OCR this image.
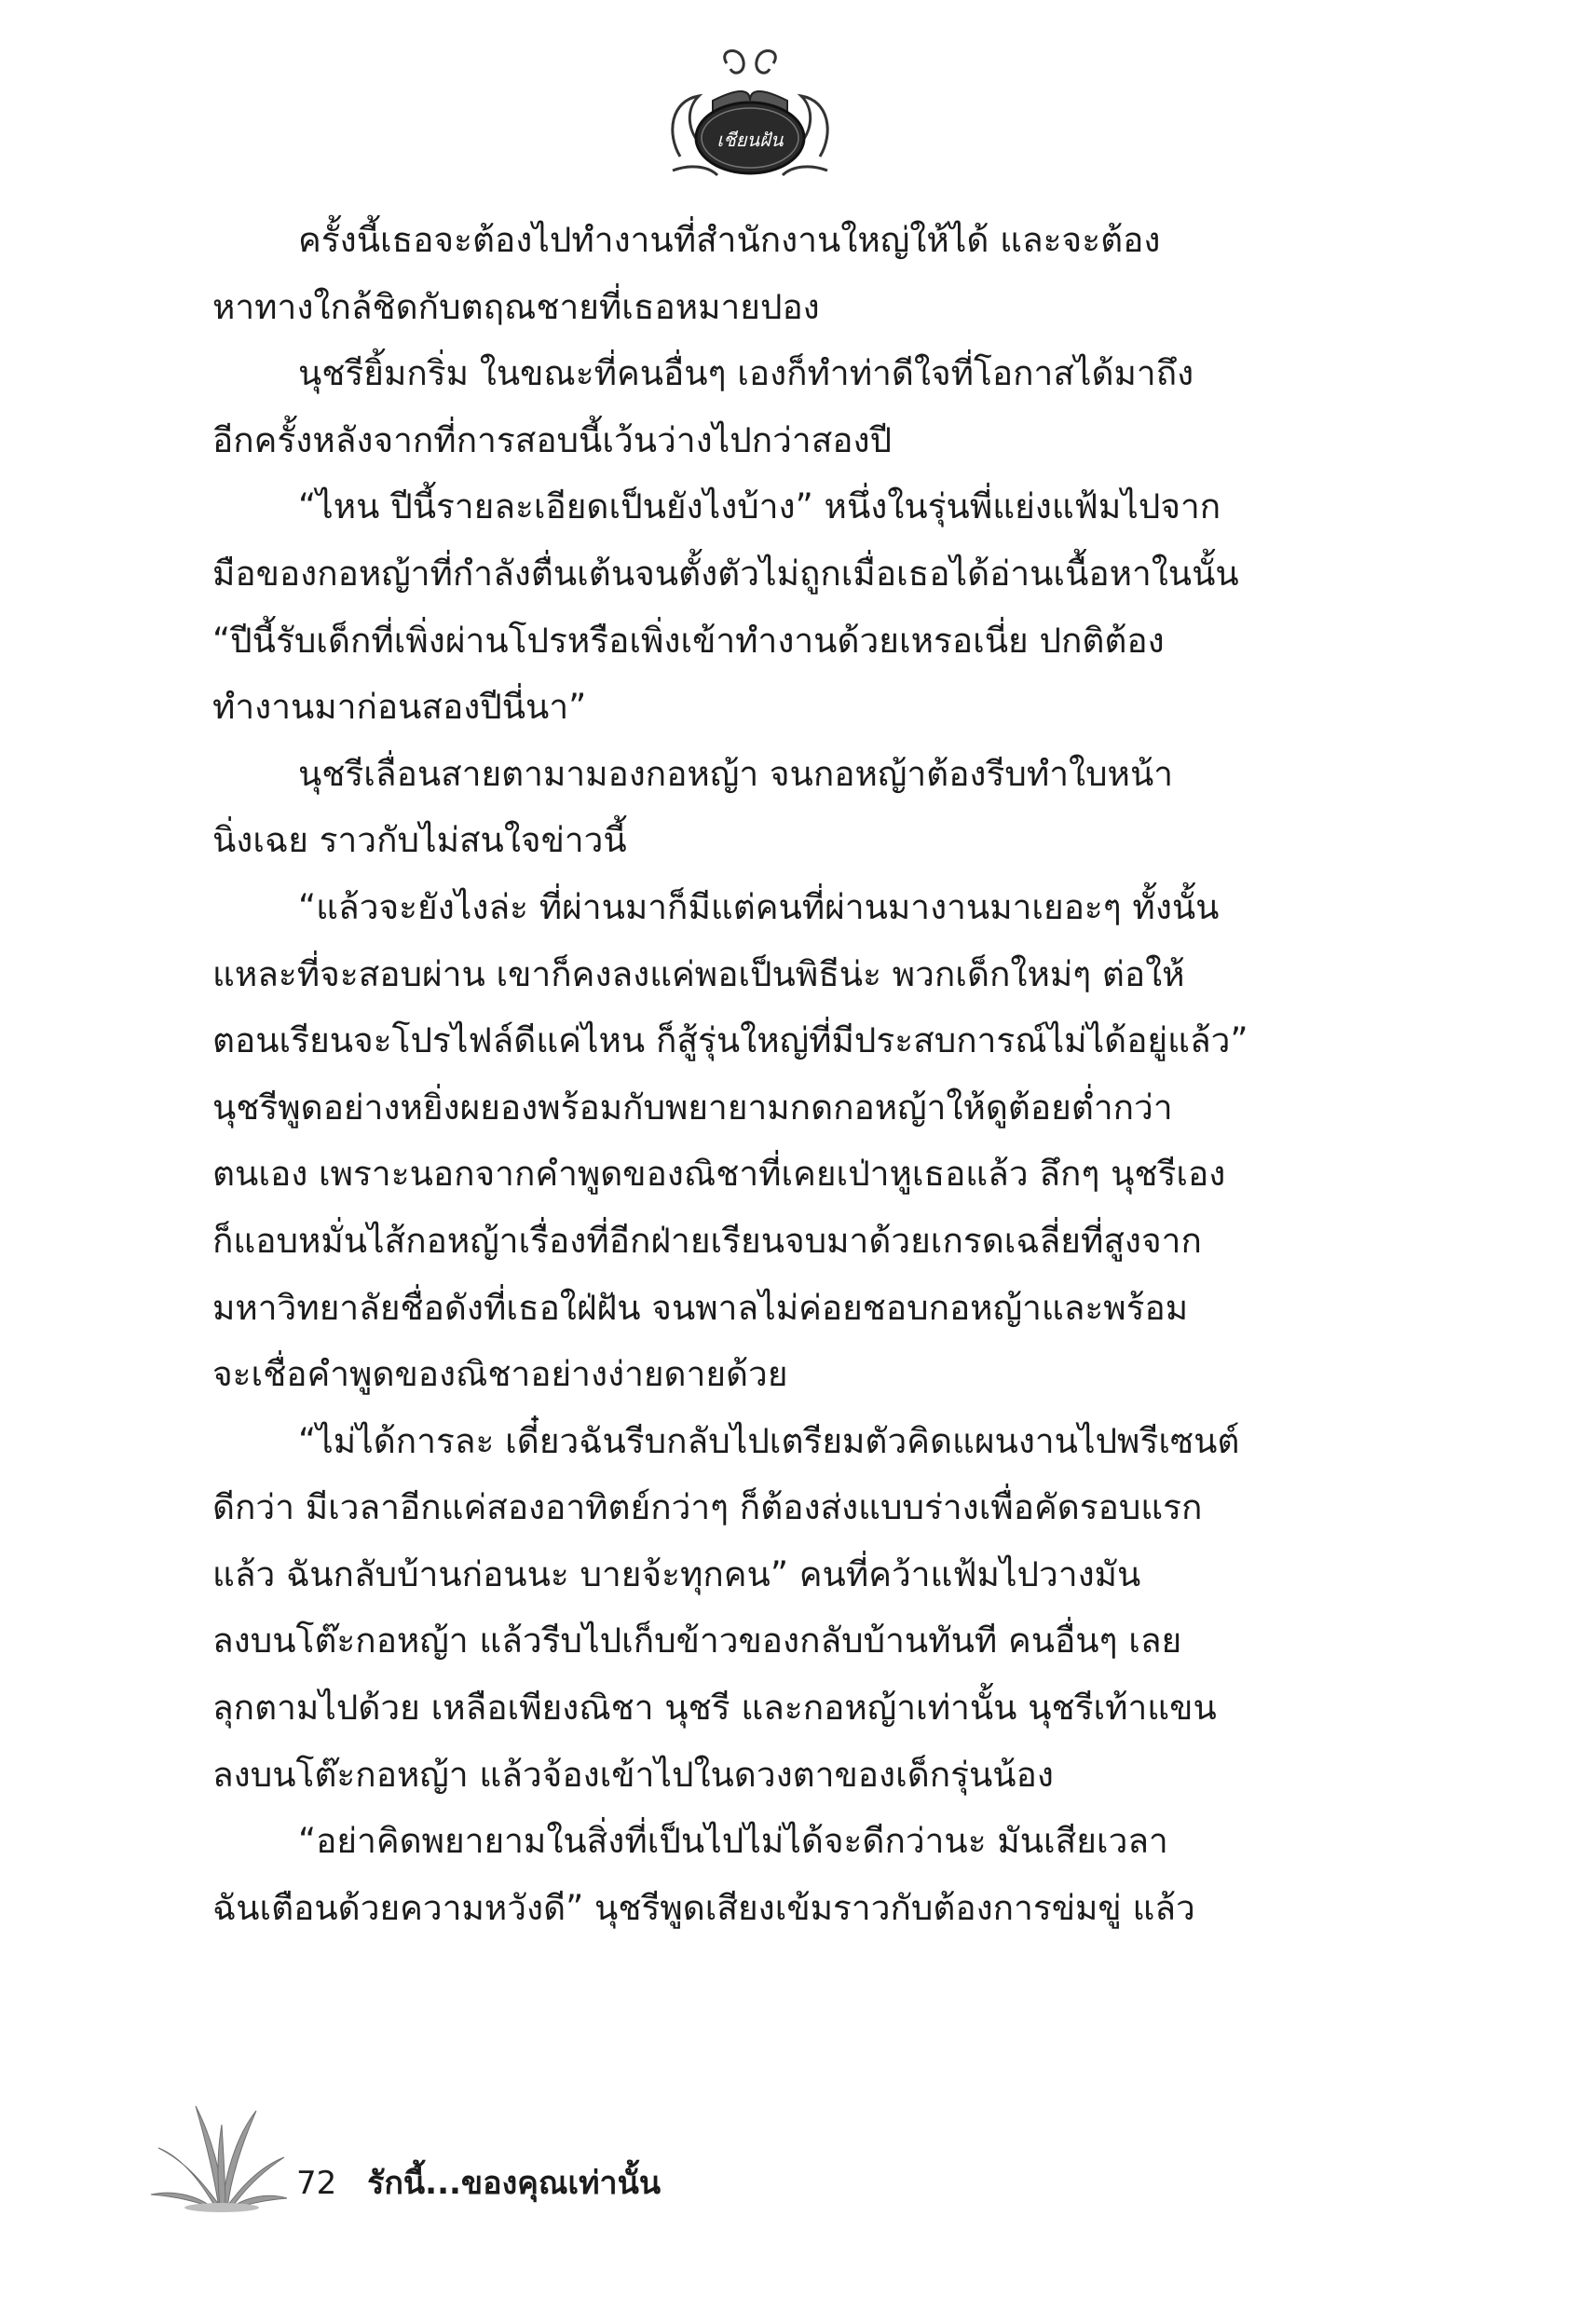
เชียนฝัน

ครั้งนี้เธอจะต้องไปทำงานที่สำนักงานใหญ่ให้ได้ และจะต้อง
หาทางใกล้ชิดกับตฤณชายที่เธอหมายปอง

นุชรียิ้มกริ่ม ในขณะที่คนอื่นๆ เองก็ทำท่าดีใจที่โอกาสได้มาถึง
อีกครั้งหลังจากที่การสอบนี้เว้นว่างไปกว่าสองปี

“ไหน ปีนี้รายละเอียดเป็นยังไงบ้าง” หนึ่งในรุ่นพี่แย่งแฟ้มไปจาก
มือของกอหญ้าที่กำลังตื่นเต้นจนตั้งตัวไม่ถูกเมื่อเธอได้อ่านเนื้อหาในนั้น
“ปีนี้รับเด็กที่เพิ่งผ่านโปรหรือเพิ่งเข้าทำงานด้วยเหรอเนี่ย ปกติต้อง
ทำงานมาก่อนสองปีนี่นา”

นุชรีเลื่อนสายตามามองกอหญ้า จนกอหญ้าต้องรีบทำใบหน้า
นิ่งเฉย ราวกับไม่สนใจข่าวนี้

“แล้วจะยังไงล่ะ ที่ผ่านมาก็มีแต่คนที่ผ่านมางานมาเยอะๆ ทั้งนั้น
แหละที่จะสอบผ่าน เขาก็คงลงแค่พอเป็นพิธีน่ะ พวกเด็กใหม่ๆ ต่อให้
ตอนเรียนจะโปรไฟล์ดีแค่ไหน ก็สู้รุ่นใหญ่ที่มีประสบการณ์ไม่ได้อยู่แล้ว”
นุชรีพูดอย่างหยิ่งผยองพร้อมกับพยายามกดกอหญ้าให้ดูต้อยต่ำกว่า
ตนเอง เพราะนอกจากคำพูดของณิชาที่เคยเป่าหูเธอแล้ว ลึกๆ นุชรีเอง
ก็แอบหมั่นไส้กอหญ้าเรื่องที่อีกฝ่ายเรียนจบมาด้วยเกรดเฉลี่ยที่สูงจาก
มหาวิทยาลัยชื่อดังที่เธอใฝ่ฝัน จนพาลไม่ค่อยชอบกอหญ้าและพร้อม
จะเชื่อคำพูดของณิชาอย่างง่ายดายด้วย

“ไม่ได้การละ เดี๋ยวฉันรีบกลับไปเตรียมตัวคิดแผนงานไปพรีเซนต์
ดีกว่า มีเวลาอีกแค่สองอาทิตย์กว่าๆ ก็ต้องส่งแบบร่างเพื่อคัดรอบแรก
แล้ว ฉันกลับบ้านก่อนนะ บายจ้ะทุกคน” คนที่คว้าแฟ้มไปวางมัน
ลงบนโต๊ะกอหญ้า แล้วรีบไปเก็บข้าวของกลับบ้านทันที คนอื่นๆ เลย
ลุกตามไปด้วย เหลือเพียงณิชา นุชรี และกอหญ้าเท่านั้น นุชรีเท้าแขน
ลงบนโต๊ะกอหญ้า แล้วจ้องเข้าไปในดวงตาของเด็กรุ่นน้อง

“อย่าคิดพยายามในสิ่งที่เป็นไปไม่ได้จะดีกว่านะ มันเสียเวลา
ฉันเตือนด้วยความหวังดี” นุชรีพูดเสียงเข้มราวกับต้องการข่มขู่ แล้ว

72 รักนี้...ของคุณเท่านั้น
